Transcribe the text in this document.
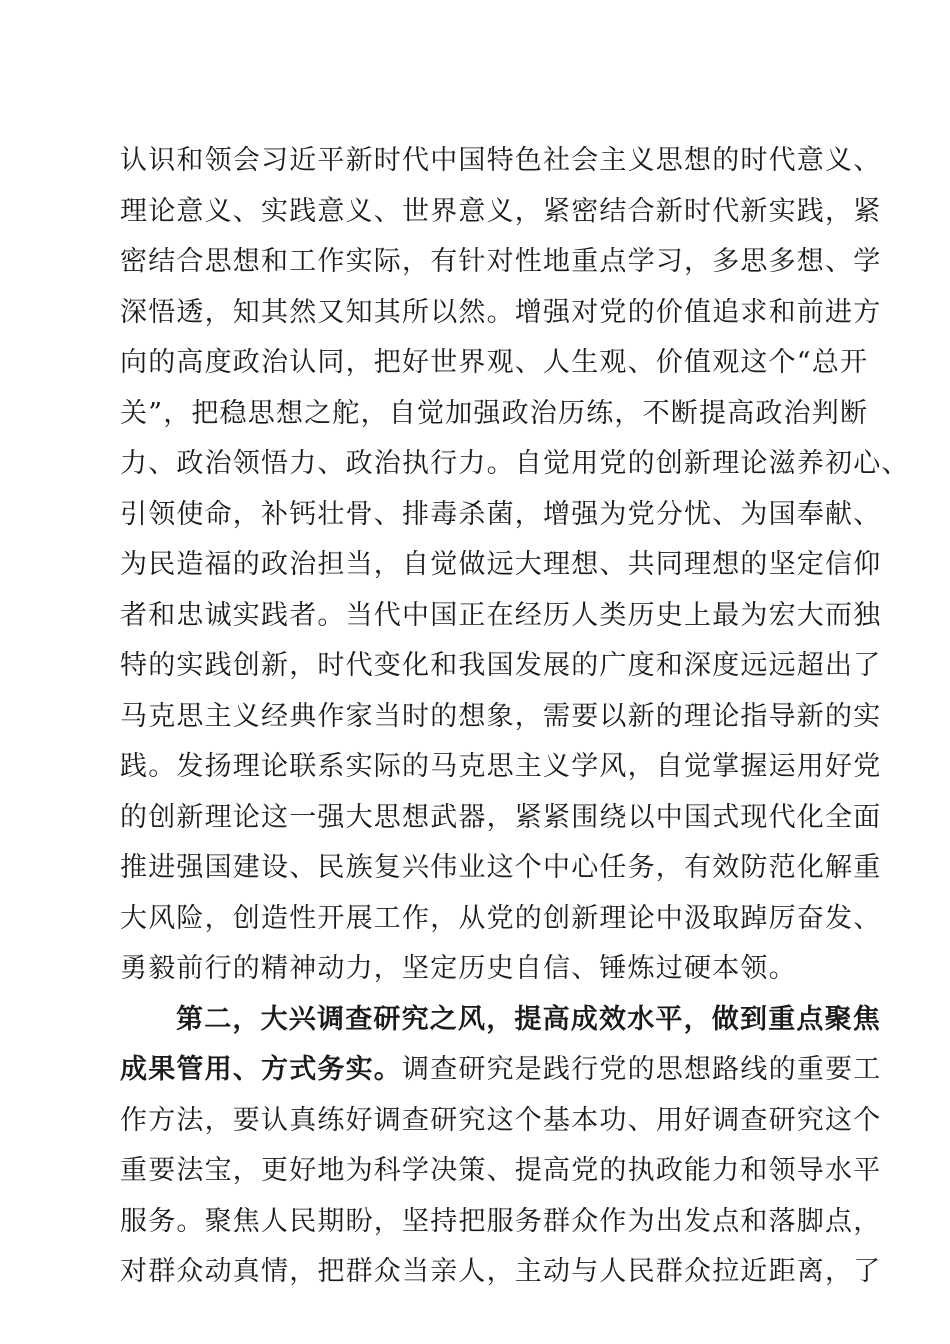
认识和领会习近平新时代中国特色社会主义思想的时代意义、
理论意义、实践意义、世界意义，紧密结合新时代新实践，紧
密结合思想和工作实际，有针对性地重点学习，多思多想、学
深悟透，知其然又知其所以然。增强对党的价值追求和前进方
向的高度政治认同，把好世界观、人生观、价值观这个“总开
关”，把稳思想之舵，自觉加强政治历练，不断提高政治判断
力、政治领悟力、政治执行力。自觉用党的创新理论滋养初心、
引领使命，补钙壮骨、排毒杀菌，增强为党分忧、为国奉献、
为民造福的政治担当，自觉做远大理想、共同理想的坚定信仰
者和忠诚实践者。当代中国正在经历人类历史上最为宏大而独
特的实践创新，时代变化和我国发展的广度和深度远远超出了
马克思主义经典作家当时的想象，需要以新的理论指导新的实
践。发扬理论联系实际的马克思主义学风，自觉掌握运用好党
的创新理论这一强大思想武器，紧紧围绕以中国式现代化全面
推进强国建设、民族复兴伟业这个中心任务，有效防范化解重
大风险，创造性开展工作，从党的创新理论中汲取踔厉奋发、
勇毅前行的精神动力，坚定历史自信、锤炼过硬本领。
第二，大兴调查研究之风，提高成效水平，做到重点聚焦
成果管用、方式务实。调查研究是践行党的思想路线的重要工
作方法，要认真练好调查研究这个基本功、用好调查研究这个
重要法宝，更好地为科学决策、提高党的执政能力和领导水平
服务。聚焦人民期盼，坚持把服务群众作为出发点和落脚点，
对群众动真情，把群众当亲人，主动与人民群众拉近距离，了
